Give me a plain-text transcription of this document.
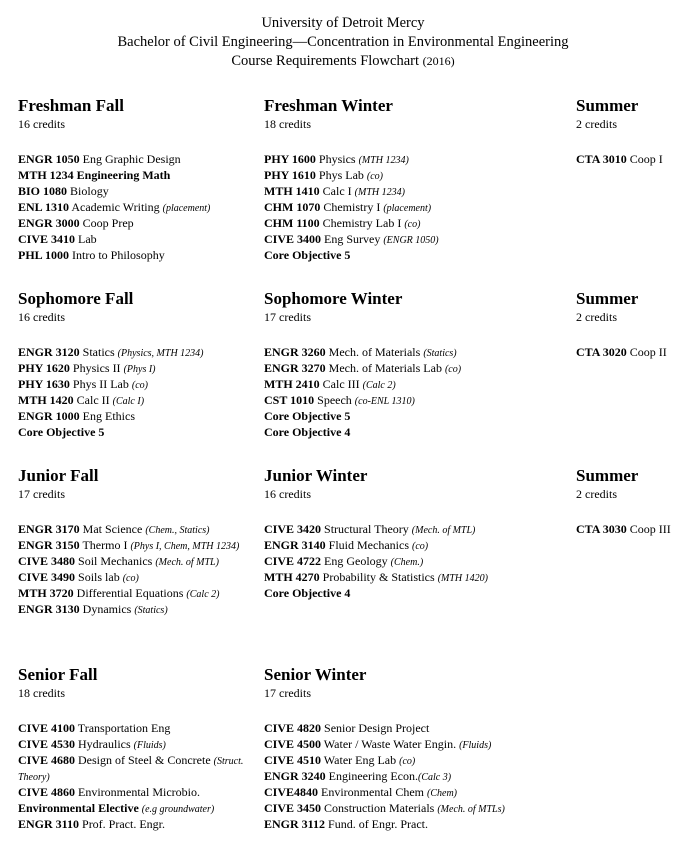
University of Detroit Mercy
Bachelor of Civil Engineering—Concentration in Environmental Engineering
Course Requirements Flowchart (2016)
Freshman Fall
16 credits
ENGR 1050 Eng Graphic Design
MTH 1234 Engineering Math
BIO 1080 Biology
ENL 1310 Academic Writing (placement)
ENGR 3000 Coop Prep
CIVE 3410 Lab
PHL 1000 Intro to Philosophy
Freshman Winter
18 credits
PHY 1600 Physics (MTH 1234)
PHY 1610 Phys Lab (co)
MTH 1410 Calc I (MTH 1234)
CHM 1070 Chemistry I (placement)
CHM 1100 Chemistry Lab I (co)
CIVE 3400 Eng Survey (ENGR 1050)
Core Objective 5
Summer
2 credits
CTA 3010 Coop I
Sophomore Fall
16 credits
ENGR 3120 Statics (Physics, MTH 1234)
PHY 1620 Physics II (Phys I)
PHY 1630 Phys II Lab (co)
MTH 1420 Calc II (Calc I)
ENGR 1000 Eng Ethics
Core Objective 5
Sophomore Winter
17 credits
ENGR 3260 Mech. of Materials (Statics)
ENGR 3270 Mech. of Materials Lab (co)
MTH 2410 Calc III (Calc 2)
CST 1010 Speech (co-ENL 1310)
Core Objective 5
Core Objective 4
Summer
2 credits
CTA 3020 Coop II
Junior Fall
17 credits
ENGR 3170 Mat Science (Chem., Statics)
ENGR 3150 Thermo I (Phys I, Chem, MTH 1234)
CIVE 3480 Soil Mechanics (Mech. of MTL)
CIVE 3490 Soils lab (co)
MTH 3720 Differential Equations (Calc 2)
ENGR 3130 Dynamics (Statics)
Junior Winter
16 credits
CIVE 3420 Structural Theory (Mech. of MTL)
ENGR 3140 Fluid Mechanics (co)
CIVE 4722 Eng Geology (Chem.)
MTH 4270 Probability & Statistics (MTH 1420)
Core Objective 4
Summer
2 credits
CTA 3030 Coop III
Senior Fall
18 credits
CIVE 4100 Transportation Eng
CIVE 4530 Hydraulics (Fluids)
CIVE 4680 Design of Steel & Concrete (Struct. Theory)
CIVE 4860 Environmental Microbio.
Environmental Elective (e.g groundwater)
ENGR 3110 Prof. Pract. Engr.
Senior Winter
17 credits
CIVE 4820 Senior Design Project
CIVE 4500 Water / Waste Water Engin. (Fluids)
CIVE 4510 Water Eng Lab (co)
ENGR 3240 Engineering Econ.(Calc 3)
CIVE4840 Environmental Chem (Chem)
CIVE 3450 Construction Materials (Mech. of MTLs)
ENGR 3112 Fund. of Engr. Pract.
